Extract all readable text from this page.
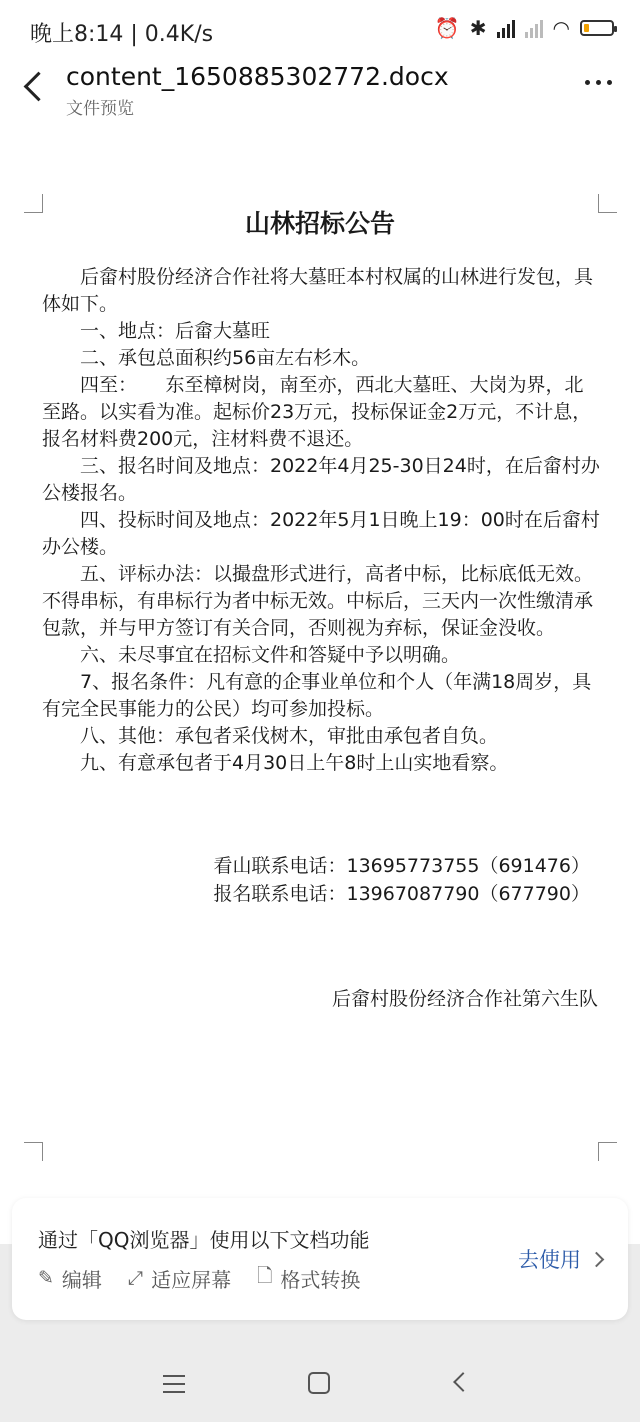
晚上8:14 | 0.4K/s	⏰ ✱	◠
content_1650885302772.docx
文件预览
山林招标公告

后畲村股份经济合作社将大墓旺本村权属的山林进行发包，具体如下。

一、地点：后畲大墓旺

二、承包总面积约56亩左右杉木。

四至：　　东至樟树岗，南至亦，西北大墓旺、大岗为界，北至路。以实看为准。起标价23万元，投标保证金2万元，不计息，报名材料费200元，注材料费不退还。

三、报名时间及地点：2022年4月25-30日24时，在后畲村办公楼报名。

四、投标时间及地点：2022年5月1日晚上19：00时在后畲村办公楼。

五、评标办法：以撮盘形式进行，高者中标，比标底低无效。不得串标，有串标行为者中标无效。中标后，三天内一次性缴清承包款，并与甲方签订有关合同，否则视为弃标，保证金没收。

六、未尽事宜在招标文件和答疑中予以明确。

7、报名条件：凡有意的企事业单位和个人（年满18周岁，具有完全民事能力的公民）均可参加投标。

八、其他：承包者采伐树木，审批由承包者自负。

九、有意承包者于4月30日上午8时上山实地看察。

看山联系电话：13695773755（691476）
报名联系电话：13967087790（677790）
后畲村股份经济合作社第六生队
通过「QQ浏览器」使用以下文档功能
✎ 编辑 ⤢ 适应屏幕 🗋 格式转换
去使用
